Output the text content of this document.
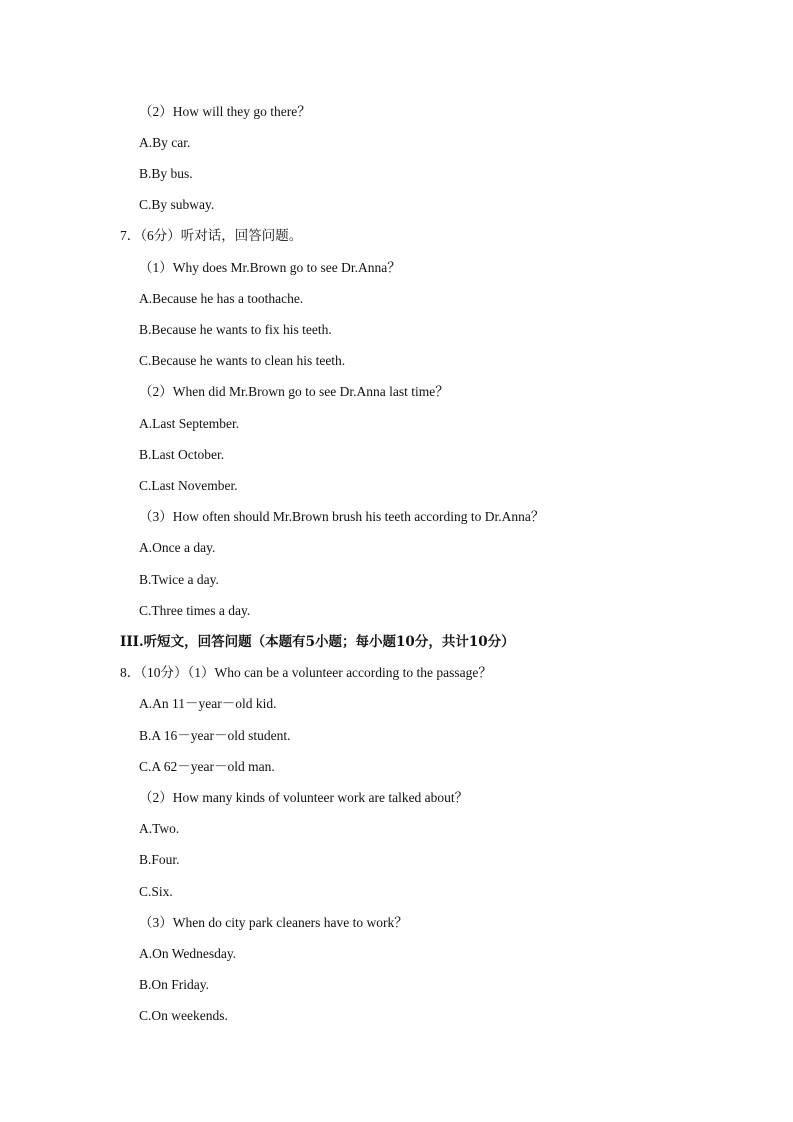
（2）How will they go there？
A.By car.
B.By bus.
C.By subway.
7．（6分）听对话，回答问题。
（1）Why does Mr.Brown go to see Dr.Anna？
A.Because he has a toothache.
B.Because he wants to fix his teeth.
C.Because he wants to clean his teeth.
（2）When did Mr.Brown go to see Dr.Anna last time？
A.Last September.
B.Last October.
C.Last November.
（3）How often should Mr.Brown brush his teeth according to Dr.Anna？
A.Once a day.
B.Twice a day.
C.Three times a day.
III.听短文，回答问题（本题有5小题；每小题10分，共计10分）
8．（10分）（1）Who can be a volunteer according to the passage？
A.An 11－year－old kid.
B.A 16－year－old student.
C.A 62－year－old man.
（2）How many kinds of volunteer work are talked about？
A.Two.
B.Four.
C.Six.
（3）When do city park cleaners have to work？
A.On Wednesday.
B.On Friday.
C.On weekends.
